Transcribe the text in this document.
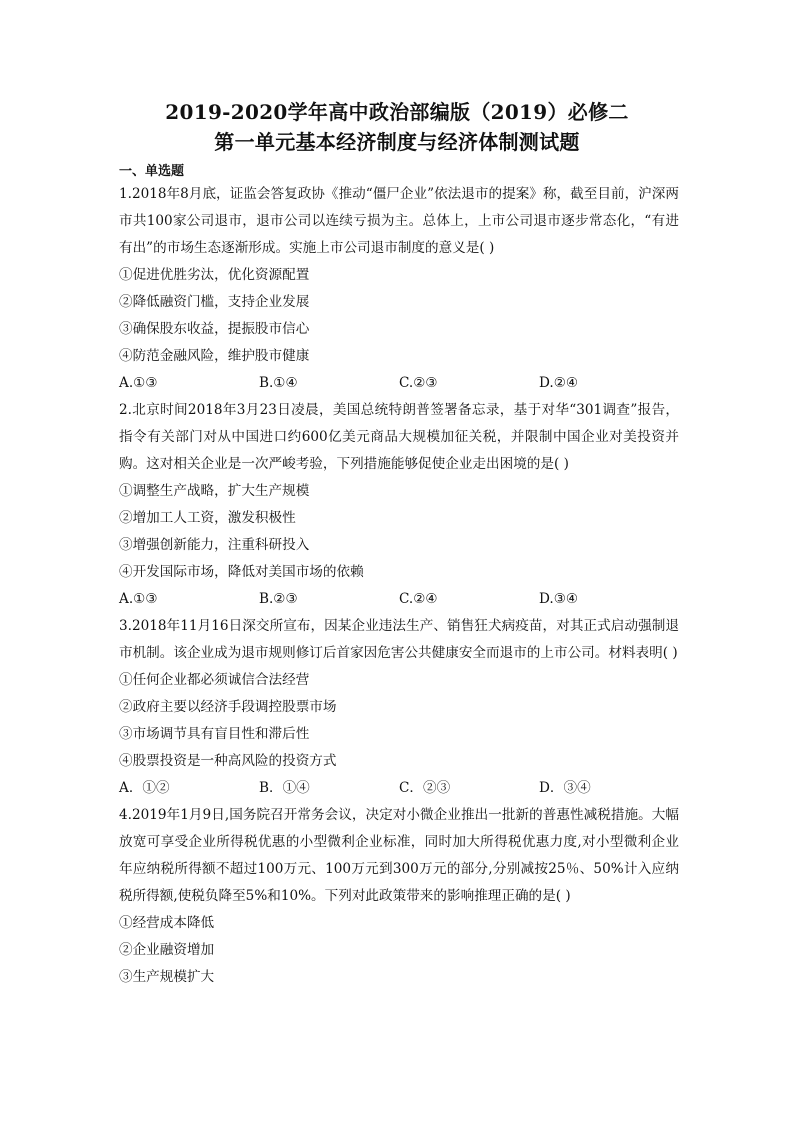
2019-2020学年高中政治部编版（2019）必修二
第一单元基本经济制度与经济体制测试题
一、单选题
1.2018年8月底，证监会答复政协《推动“僵尸企业”依法退市的提案》称，截至目前，沪深两市共100家公司退市，退市公司以连续亏损为主。总体上，上市公司退市逐步常态化，“有进有出”的市场生态逐渐形成。实施上市公司退市制度的意义是( )
①促进优胜劣汰，优化资源配置
②降低融资门槛，支持企业发展
③确保股东收益，提振股市信心
④防范金融风险，维护股市健康
A.①③	B.①④	C.②③	D.②④
2.北京时间2018年3月23日凌晨，美国总统特朗普签署备忘录，基于对华“301调查”报告，指令有关部门对从中国进口约600亿美元商品大规模加征关税，并限制中国企业对美投资并购。这对相关企业是一次严峻考验，下列措施能够促使企业走出困境的是( )
①调整生产战略，扩大生产规模
②增加工人工资，激发积极性
③增强创新能力，注重科研投入
④开发国际市场，降低对美国市场的依赖
A.①③	B.②③	C.②④	D.③④
3.2018年11月16日深交所宣布，因某企业违法生产、销售狂犬病疫苗，对其正式启动强制退市机制。该企业成为退市规则修订后首家因危害公共健康安全而退市的上市公司。材料表明( )
①任何企业都必须诚信合法经营
②政府主要以经济手段调控股票市场
③市场调节具有盲目性和滞后性
④股票投资是一种高风险的投资方式
A．①②	B．①④	C．②③	D．③④
4.2019年1月9日,国务院召开常务会议，决定对小微企业推出一批新的普惠性减税措施。大幅放宽可享受企业所得税优惠的小型微利企业标准，同时加大所得税优惠力度,对小型微利企业年应纳税所得额不超过100万元、100万元到300万元的部分,分别减按25％、50%计入应纳税所得额,使税负降至5%和10%。下列对此政策带来的影响推理正确的是( )
①经营成本降低
②企业融资增加
③生产规模扩大
